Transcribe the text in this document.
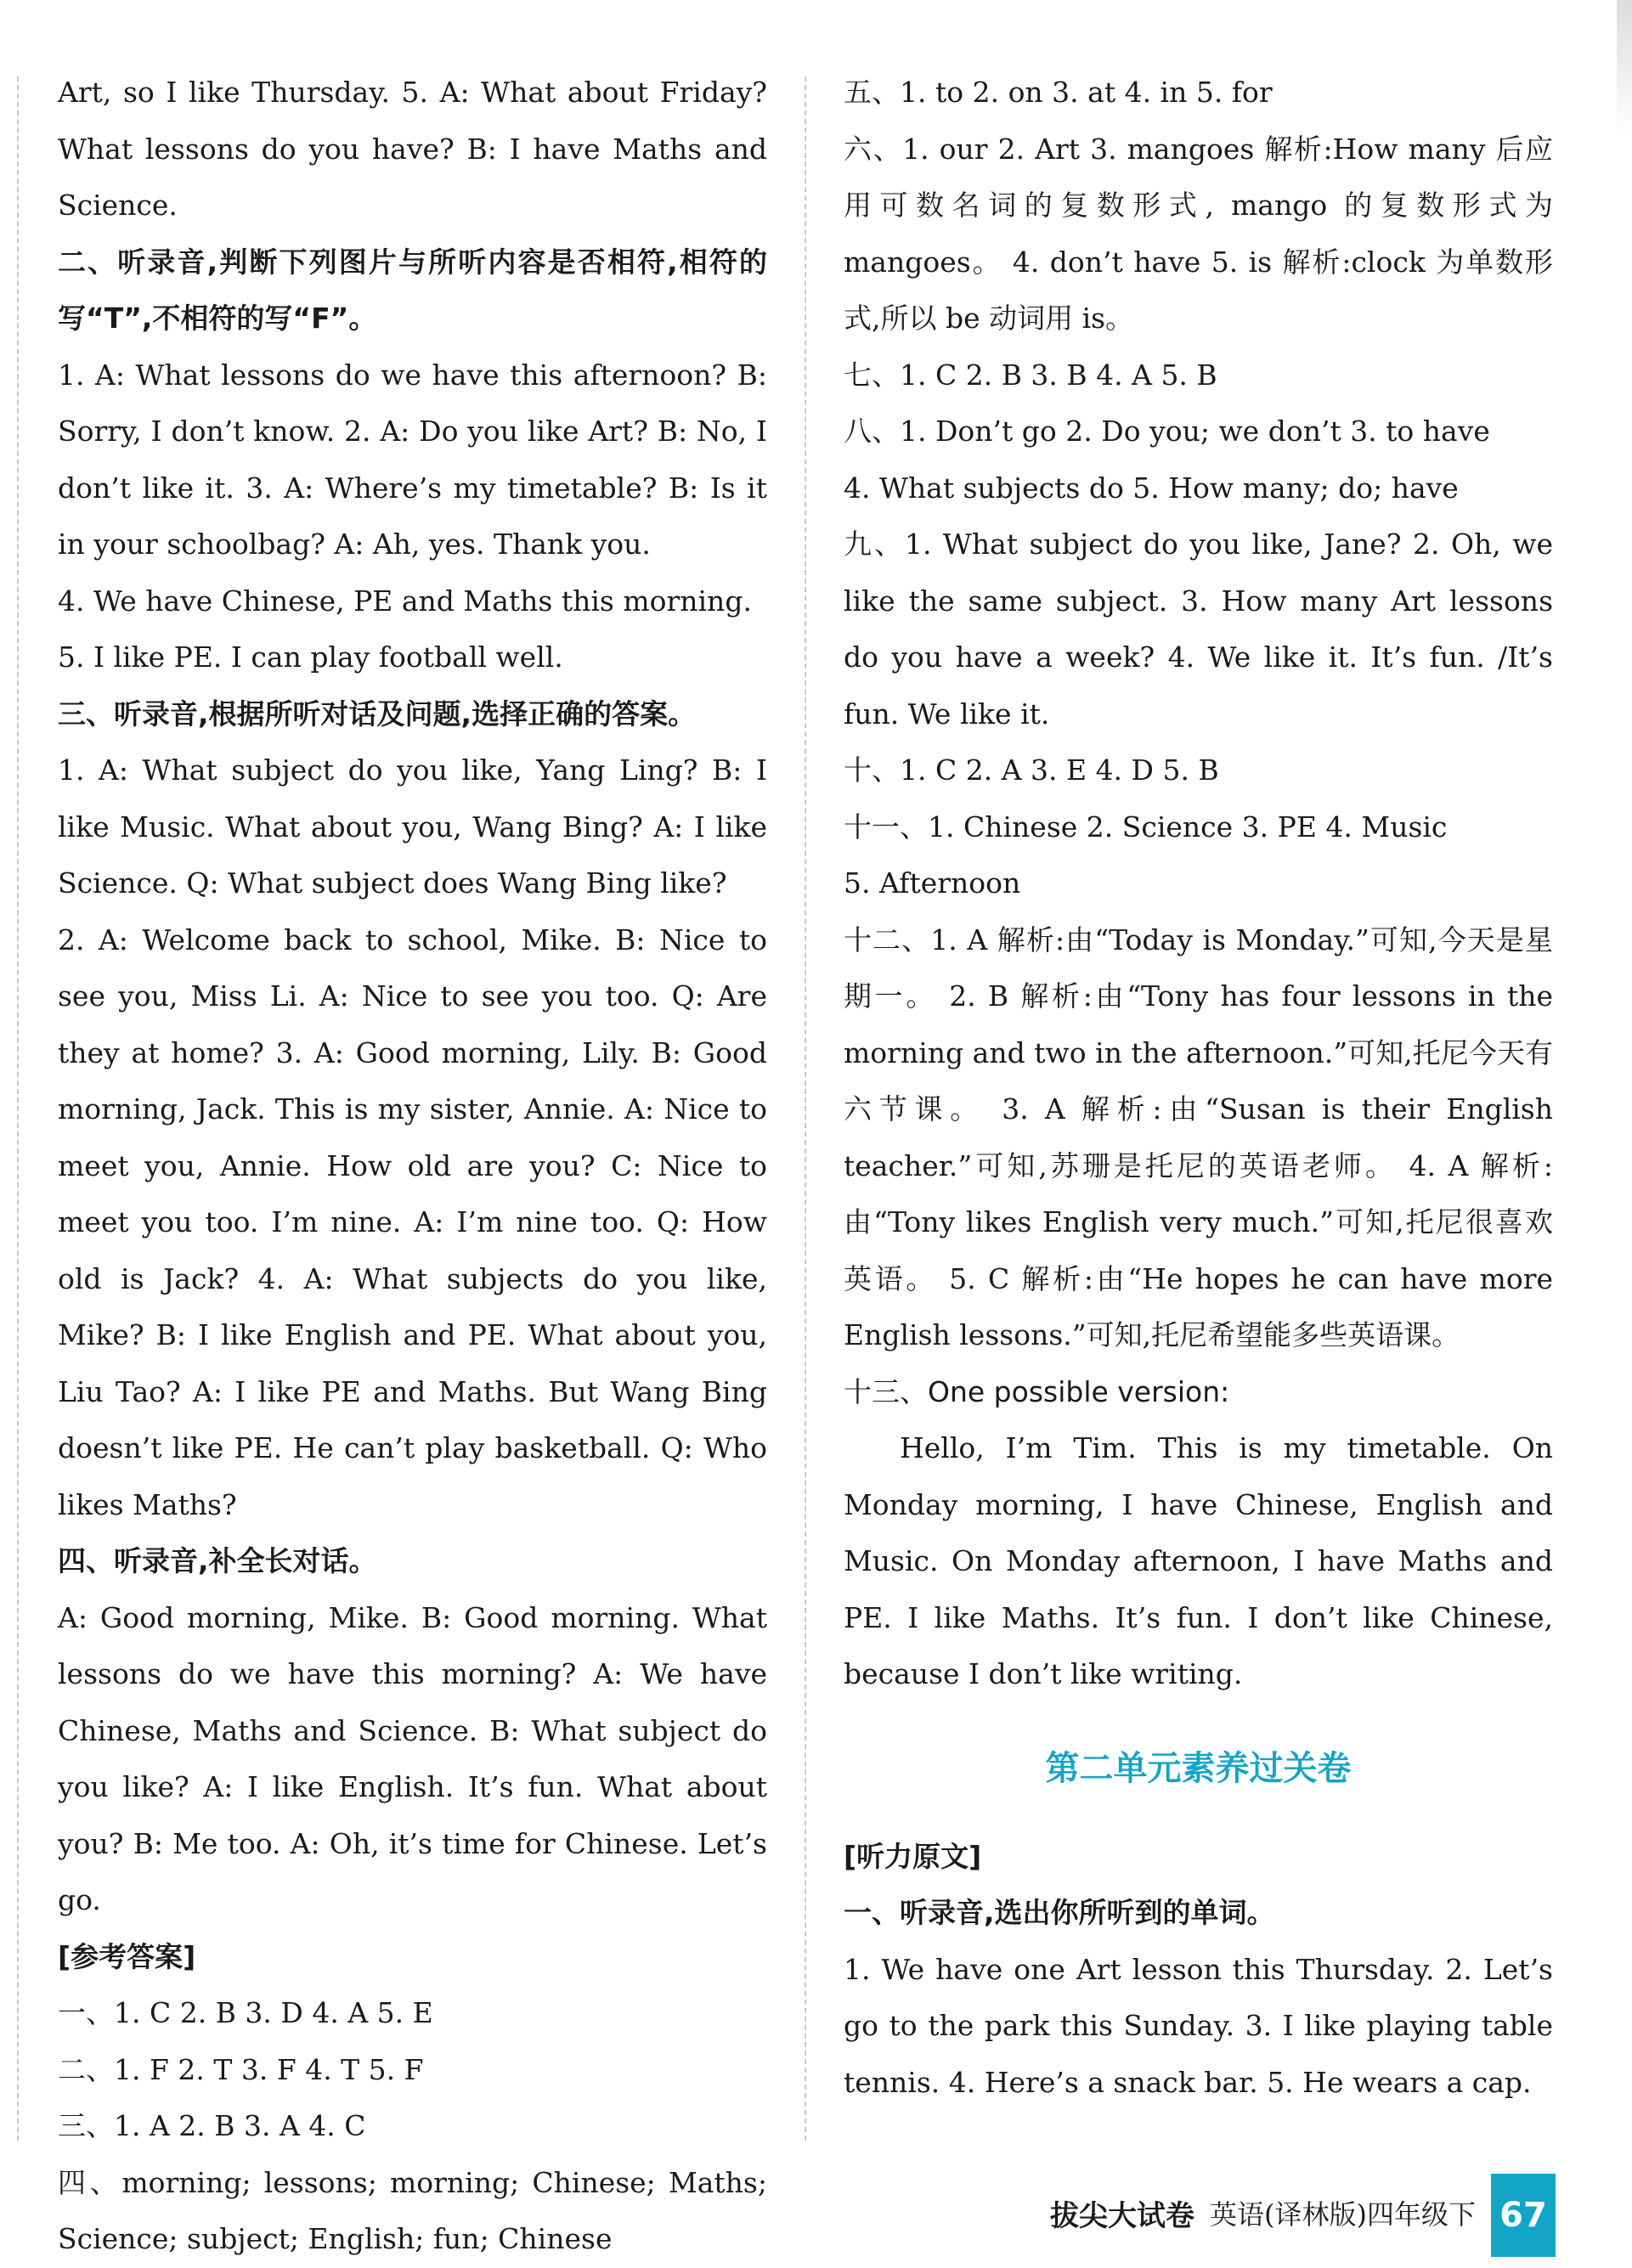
Art, so I like Thursday. 5. A: What about Friday? What lessons do you have? B: I have Maths and Science.

二、听录音,判断下列图片与所听内容是否相符,相符的写“T”,不相符的写“F”。

1. A: What lessons do we have this afternoon? B: Sorry, I don’t know. 2. A: Do you like Art? B: No, I don’t like it. 3. A: Where’s my timetable? B: Is it in your schoolbag? A: Ah, yes. Thank you.

4. We have Chinese, PE and Maths this morning.

5. I like PE. I can play football well.

三、听录音,根据所听对话及问题,选择正确的答案。

1. A: What subject do you like, Yang Ling? B: I like Music. What about you, Wang Bing? A: I like Science. Q: What subject does Wang Bing like?

2. A: Welcome back to school, Mike. B: Nice to see you, Miss Li. A: Nice to see you too. Q: Are they at home? 3. A: Good morning, Lily. B: Good morning, Jack. This is my sister, Annie. A: Nice to meet you, Annie. How old are you? C: Nice to meet you too. I’m nine. A: I’m nine too. Q: How old is Jack? 4. A: What subjects do you like, Mike? B: I like English and PE. What about you, Liu Tao? A: I like PE and Maths. But Wang Bing doesn’t like PE. He can’t play basketball. Q: Who likes Maths?

四、听录音,补全长对话。

A: Good morning, Mike. B: Good morning. What lessons do we have this morning? A: We have Chinese, Maths and Science. B: What subject do you like? A: I like English. It’s fun. What about you? B: Me too. A: Oh, it’s time for Chinese. Let’s go.

[参考答案]

一、1. C 2. B 3. D 4. A 5. E

二、1. F 2. T 3. F 4. T 5. F

三、1. A 2. B 3. A 4. C

四、morning; lessons; morning; Chinese; Maths; Science; subject; English; fun; Chinese

五、1. to 2. on 3. at 4. in 5. for

六、1. our 2. Art 3. mangoes 解析:How many 后应用可数名词的复数形式, mango 的复数形式为 mangoes。 4. don’t have 5. is 解析:clock 为单数形式,所以 be 动词用 is。

七、1. C 2. B 3. B 4. A 5. B

八、1. Don’t go 2. Do you; we don’t 3. to have

4. What subjects do 5. How many; do; have

九、1. What subject do you like, Jane? 2. Oh, we like the same subject. 3. How many Art lessons do you have a week? 4. We like it. It’s fun. /It’s fun. We like it.

十、1. C 2. A 3. E 4. D 5. B

十一、1. Chinese 2. Science 3. PE 4. Music

5. Afternoon

十二、1. A 解析:由“Today is Monday.”可知,今天是星期一。 2. B 解析:由“Tony has four lessons in the morning and two in the afternoon.”可知,托尼今天有六节课。 3. A 解析:由“Susan is their English teacher.”可知,苏珊是托尼的英语老师。 4. A 解析:由“Tony likes English very much.”可知,托尼很喜欢英语。 5. C 解析:由“He hopes he can have more English lessons.”可知,托尼希望能多些英语课。

十三、One possible version:

Hello, I’m Tim. This is my timetable. On Monday morning, I have Chinese, English and Music. On Monday afternoon, I have Maths and PE. I like Maths. It’s fun. I don’t like Chinese, because I don’t like writing.

第二单元素养过关卷

[听力原文]

一、听录音,选出你所听到的单词。

1. We have one Art lesson this Thursday. 2. Let’s go to the park this Sunday. 3. I like playing table tennis. 4. Here’s a snack bar. 5. He wears a cap.

拔尖大试卷 英语(译林版)四年级下 67
